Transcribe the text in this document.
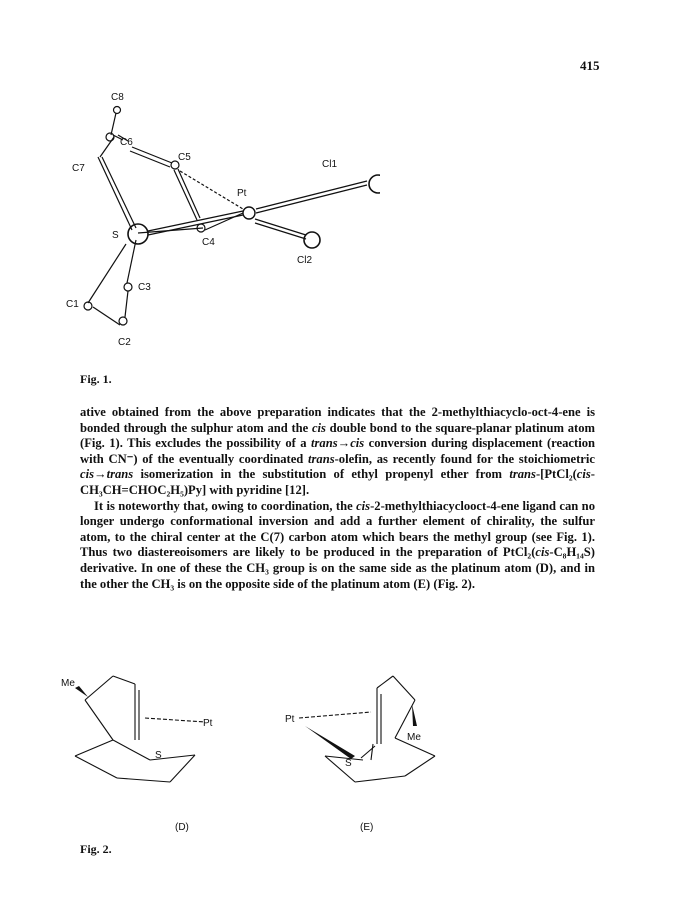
415
C8
C6
C7
C5
Cl1
Pt
S
C4
Cl2
C3
C1
C2
Fig. 1.

ative obtained from the above preparation indicates that the 2-methylthiacyclo-oct-4-ene is bonded through the sulphur atom and the cis double bond to the square-planar platinum atom (Fig. 1). This excludes the possibility of a trans→cis conversion during displacement (reaction with CN⁻) of the eventually coordinated trans-olefin, as recently found for the stoichiometric cis→trans isomerization in the substitution of ethyl propenyl ether from trans-[PtCl₂(cis-CH₃CH=CHOC₂H₅)Py] with pyridine [12].

It is noteworthy that, owing to coordination, the cis-2-methylthiacyclooct-4-ene ligand can no longer undergo conformational inversion and add a further element of chirality, the sulfur atom, to the chiral center at the C(7) carbon atom which bears the methyl group (see Fig. 1). Thus two diastereoisomers are likely to be produced in the preparation of PtCl₂(cis-C₈H₁₄S) derivative. In one of these the CH₃ group is on the same side as the platinum atom (D), and in the other the CH₃ is on the opposite side of the platinum atom (E) (Fig. 2).

Me
Pt
S
(D)
Pt
Me
S
(E)
Fig. 2.
